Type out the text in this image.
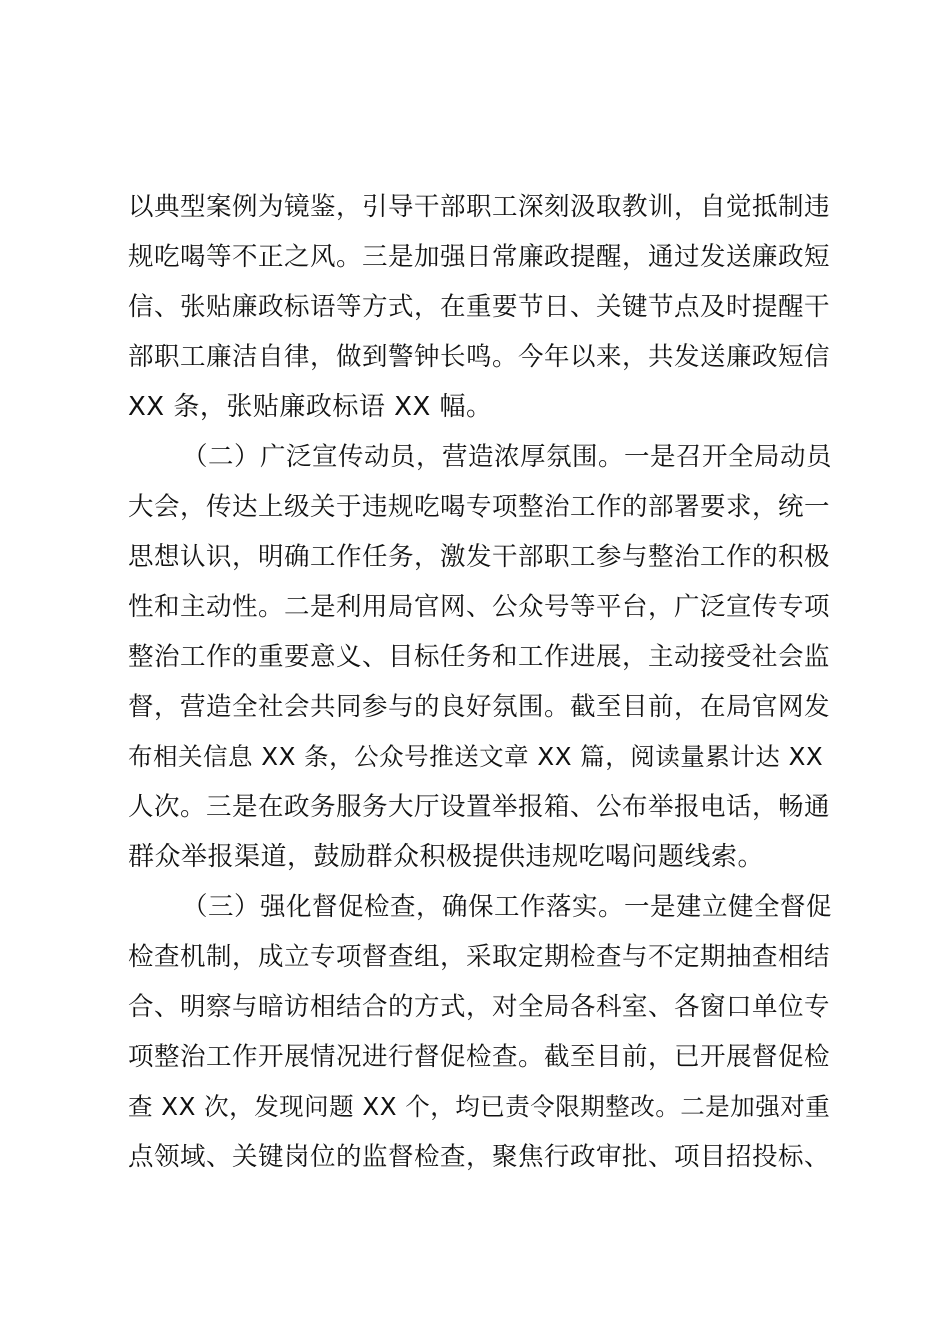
以典型案例为镜鉴，引导干部职工深刻汲取教训，自觉抵制违
规吃喝等不正之风。三是加强日常廉政提醒，通过发送廉政短
信、张贴廉政标语等方式，在重要节日、关键节点及时提醒干
部职工廉洁自律，做到警钟长鸣。今年以来，共发送廉政短信
XX 条，张贴廉政标语 XX 幅。
（二）广泛宣传动员，营造浓厚氛围。一是召开全局动员
大会，传达上级关于违规吃喝专项整治工作的部署要求，统一
思想认识，明确工作任务，激发干部职工参与整治工作的积极
性和主动性。二是利用局官网、公众号等平台，广泛宣传专项
整治工作的重要意义、目标任务和工作进展，主动接受社会监
督，营造全社会共同参与的良好氛围。截至目前，在局官网发
布相关信息 XX 条，公众号推送文章 XX 篇，阅读量累计达 XX
人次。三是在政务服务大厅设置举报箱、公布举报电话，畅通
群众举报渠道，鼓励群众积极提供违规吃喝问题线索。
（三）强化督促检查，确保工作落实。一是建立健全督促
检查机制，成立专项督查组，采取定期检查与不定期抽查相结
合、明察与暗访相结合的方式，对全局各科室、各窗口单位专
项整治工作开展情况进行督促检查。截至目前，已开展督促检
查 XX 次，发现问题 XX 个，均已责令限期整改。二是加强对重
点领域、关键岗位的监督检查，聚焦行政审批、项目招投标、
